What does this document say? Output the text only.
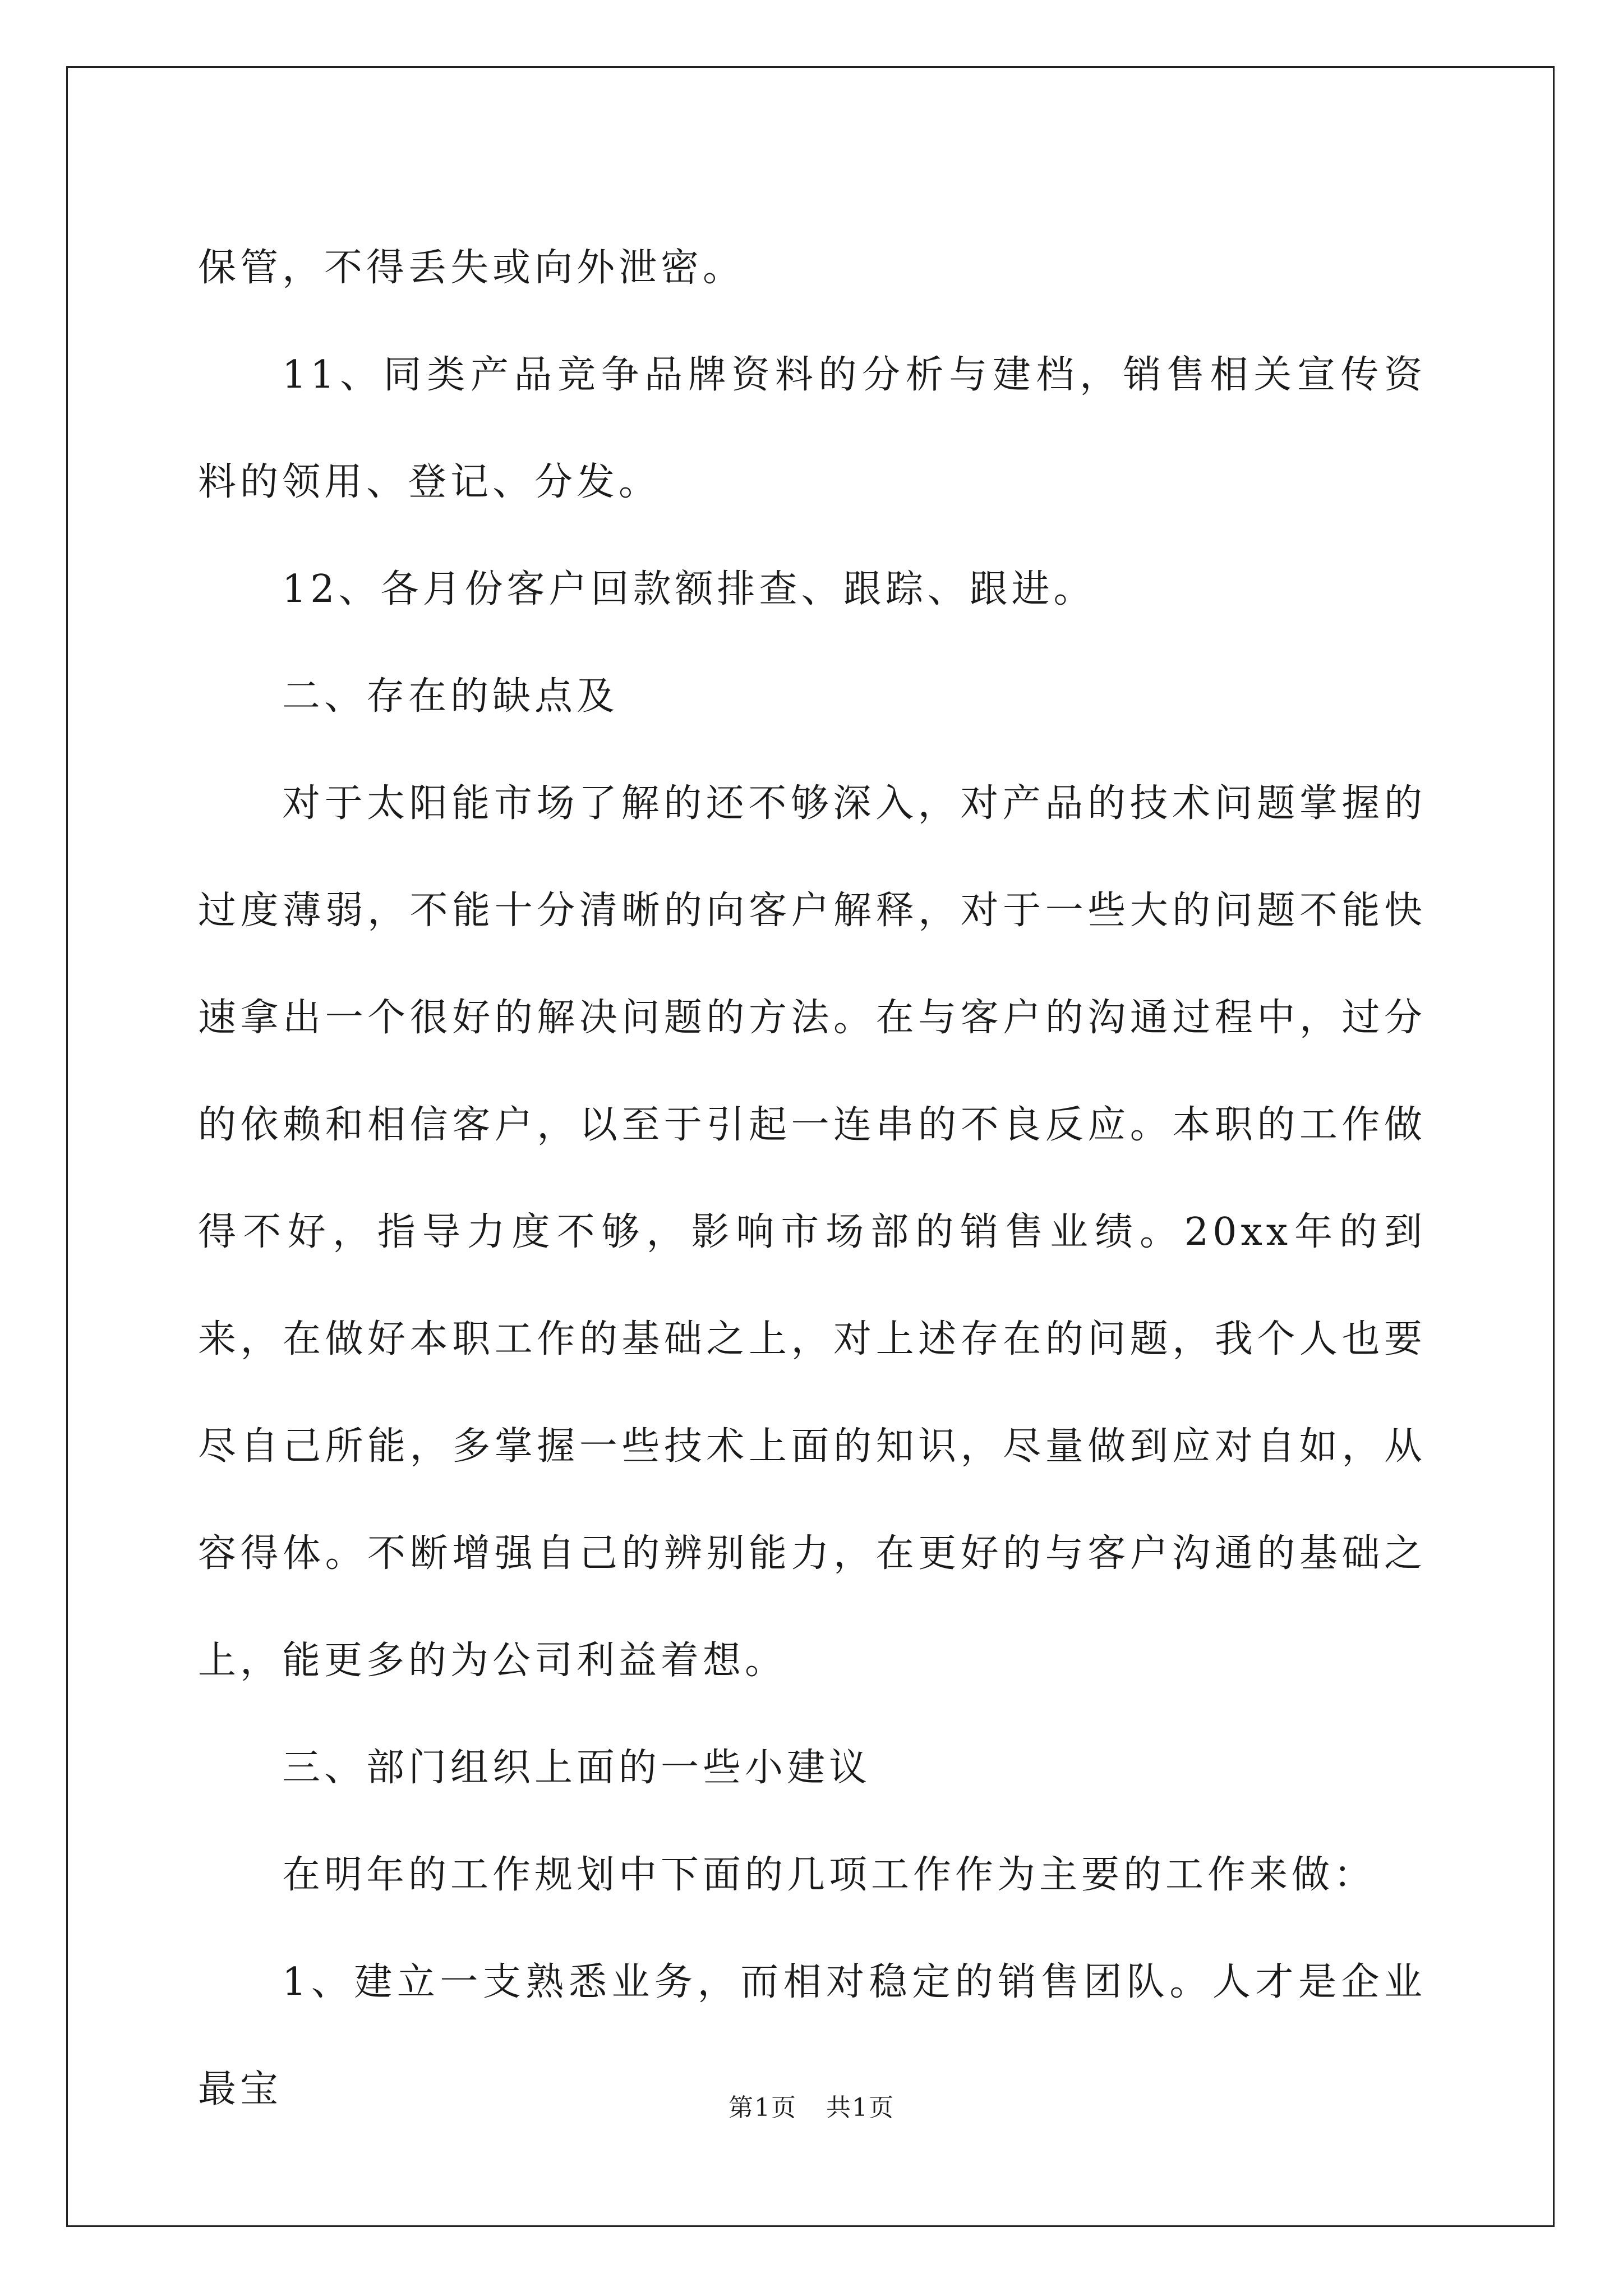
保管，不得丢失或向外泄密。

11、同类产品竞争品牌资料的分析与建档，销售相关宣传资料的领用、登记、分发。

12、各月份客户回款额排查、跟踪、跟进。

二、存在的缺点及

对于太阳能市场了解的还不够深入，对产品的技术问题掌握的过度薄弱，不能十分清晰的向客户解释，对于一些大的问题不能快速拿出一个很好的解决问题的方法。在与客户的沟通过程中，过分的依赖和相信客户，以至于引起一连串的不良反应。本职的工作做得不好，指导力度不够，影响市场部的销售业绩。20xx年的到来，在做好本职工作的基础之上，对上述存在的问题，我个人也要尽自己所能，多掌握一些技术上面的知识，尽量做到应对自如，从容得体。不断增强自己的辨别能力，在更好的与客户沟通的基础之上，能更多的为公司利益着想。

三、部门组织上面的一些小建议

在明年的工作规划中下面的几项工作作为主要的工作来做：

1、建立一支熟悉业务，而相对稳定的销售团队。人才是企业最宝	第1页 共1页
